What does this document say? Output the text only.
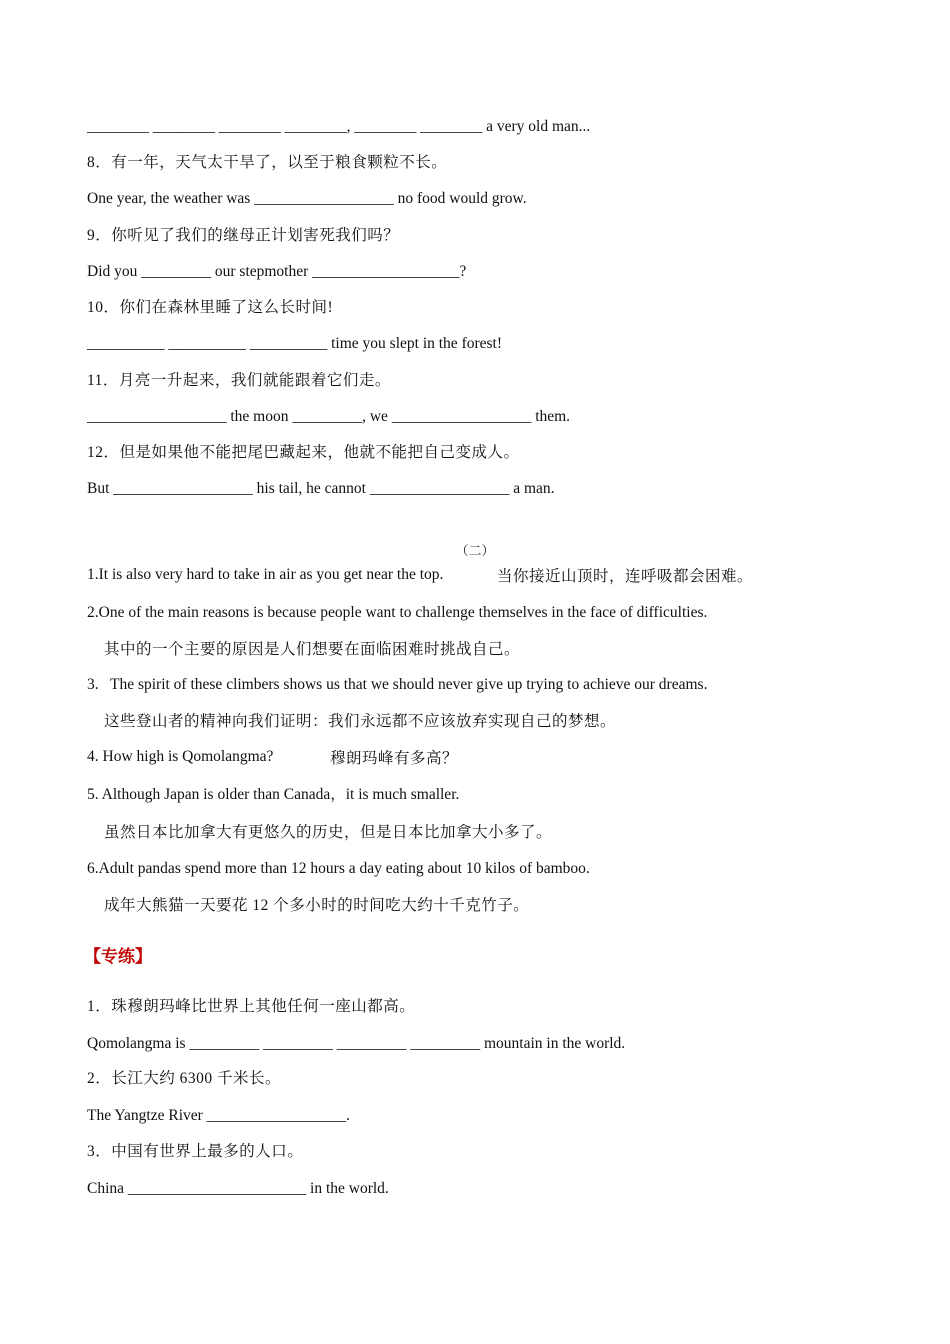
________ ________ ________ ________, ________ ________ a very old man...
8．有一年，天气太干旱了，以至于粮食颗粒不长。
One year, the weather was __________________ no food would grow.
9．你听见了我们的继母正计划害死我们吗？
Did you _________ our stepmother ___________________?
10．你们在森林里睡了这么长时间!
__________ __________ __________ time you slept in the forest!
11．月亮一升起来，我们就能跟着它们走。
__________________ the moon _________, we __________________ them.
12．但是如果他不能把尾巴藏起来，他就不能把自己变成人。
But __________________ his tail, he cannot __________________ a man.
（二）
1.It is also very hard to take in air as you get near the top.	当你接近山顶时，连呼吸都会困难。
2.One of the main reasons is because people want to challenge themselves in the face of difficulties.
其中的一个主要的原因是人们想要在面临困难时挑战自己。
3.   The spirit of these climbers shows us that we should never give up trying to achieve our dreams.
这些登山者的精神向我们证明：我们永远都不应该放弃实现自己的梦想。
4. How high is Qomolangma?	穆朗玛峰有多高？
5. Although Japan is older than Canada，it is much smaller.
虽然日本比加拿大有更悠久的历史，但是日本比加拿大小多了。
6.Adult pandas spend more than 12 hours a day eating about 10 kilos of bamboo.
成年大熊猫一天要花 12 个多小时的时间吃大约十千克竹子。
【专练】
1．珠穆朗玛峰比世界上其他任何一座山都高。
Qomolangma is _________ _________ _________ _________ mountain in the world.
2．长江大约 6300 千米长。
The Yangtze River __________________.
3．中国有世界上最多的人口。
China _______________________ in the world.
